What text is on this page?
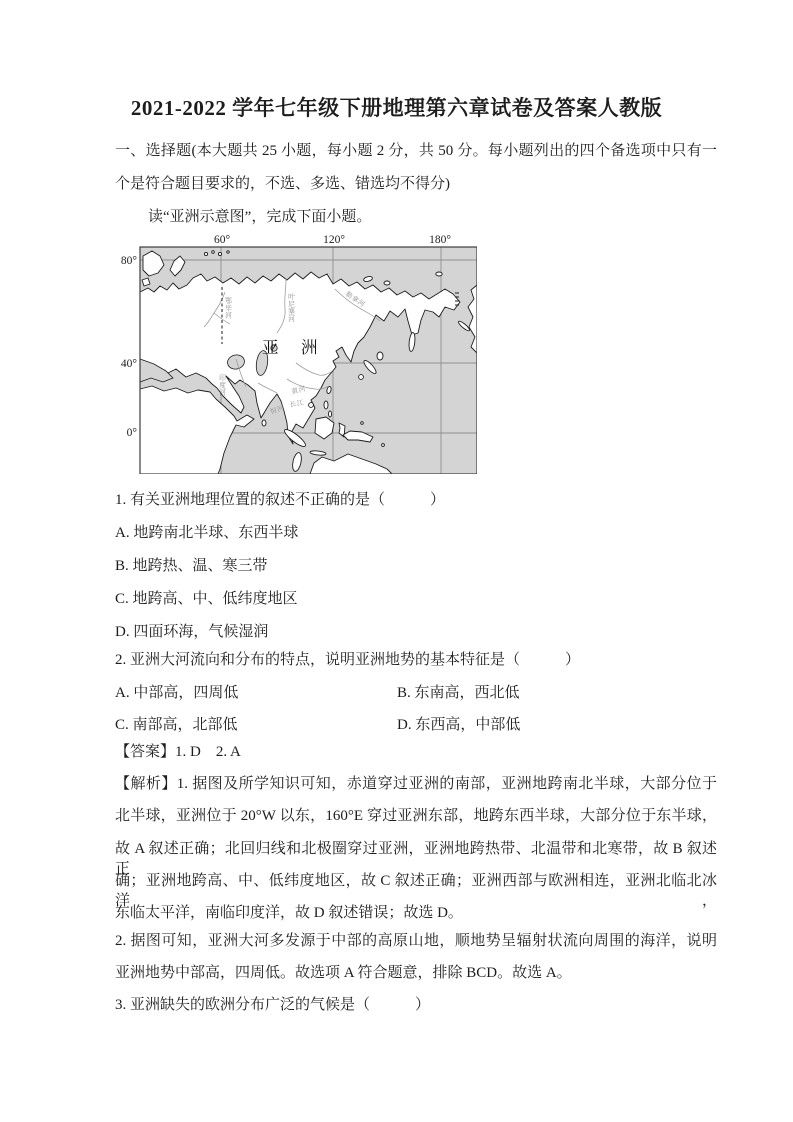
2021-2022 学年七年级下册地理第六章试卷及答案人教版
一、选择题(本大题共 25 小题，每小题 2 分，共 50 分。每小题列出的四个备选项中只有一
个是符合题目要求的，不选、多选、错选均不得分)
读“亚洲示意图”，完成下面小题。
60°	120°	180°
80°
40°
0°
鄂毕河	叶尼塞河	勒拿河
印度河
恒河
黄河
长江
亚　洲
1. 有关亚洲地理位置的叙述不正确的是（　　　）
A. 地跨南北半球、东西半球
B. 地跨热、温、寒三带
C. 地跨高、中、低纬度地区
D. 四面环海，气候湿润
2. 亚洲大河流向和分布的特点，说明亚洲地势的基本特征是（　　　）
A. 中部高，四周低	B. 东南高，西北低
C. 南部高，北部低	D. 东西高，中部低
【答案】1. D　2. A
【解析】1. 据图及所学知识可知，赤道穿过亚洲的南部，亚洲地跨南北半球，大部分位于
北半球，亚洲位于 20°W 以东，160°E 穿过亚洲东部，地跨东西半球，大部分位于东半球，
故 A 叙述正确；北回归线和北极圈穿过亚洲，亚洲地跨热带、北温带和北寒带，故 B 叙述正
确；亚洲地跨高、中、低纬度地区，故 C 叙述正确；亚洲西部与欧洲相连，亚洲北临北冰洋，
东临太平洋，南临印度洋，故 D 叙述错误；故选 D。
2. 据图可知，亚洲大河多发源于中部的高原山地，顺地势呈辐射状流向周围的海洋，说明
亚洲地势中部高，四周低。故选项 A 符合题意，排除 BCD。故选 A。
3. 亚洲缺失的欧洲分布广泛的气候是（　　　）
